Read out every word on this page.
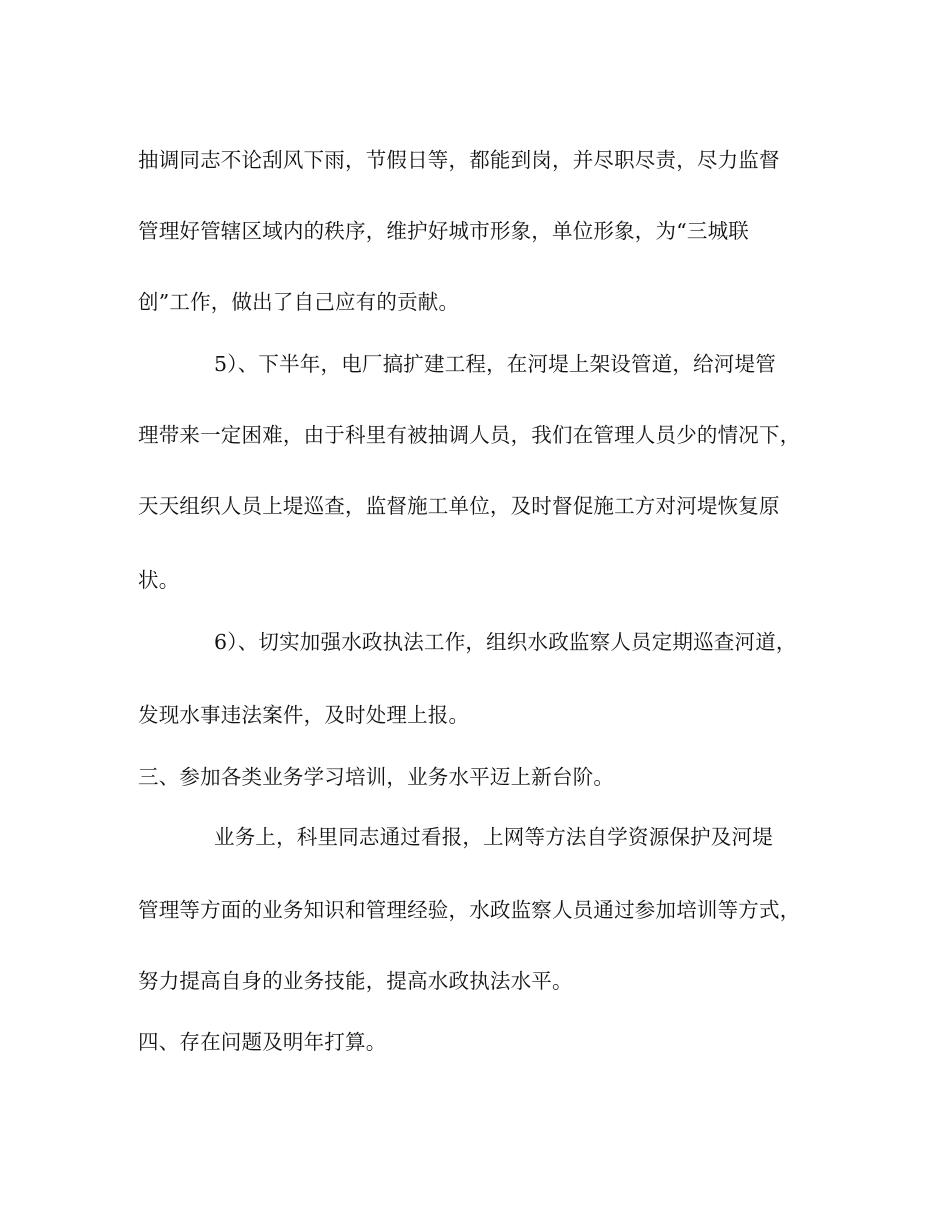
抽调同志不论刮风下雨，节假日等，都能到岗，并尽职尽责，尽力监督
管理好管辖区域内的秩序，维护好城市形象，单位形象，为“三城联
创”工作，做出了自己应有的贡献。
5）、下半年，电厂搞扩建工程，在河堤上架设管道，给河堤管
理带来一定困难，由于科里有被抽调人员，我们在管理人员少的情况下，
天天组织人员上堤巡查，监督施工单位，及时督促施工方对河堤恢复原
状。
6）、切实加强水政执法工作，组织水政监察人员定期巡查河道，
发现水事违法案件，及时处理上报。
三、参加各类业务学习培训，业务水平迈上新台阶。
业务上，科里同志通过看报，上网等方法自学资源保护及河堤
管理等方面的业务知识和管理经验，水政监察人员通过参加培训等方式，
努力提高自身的业务技能，提高水政执法水平。
四、存在问题及明年打算。
